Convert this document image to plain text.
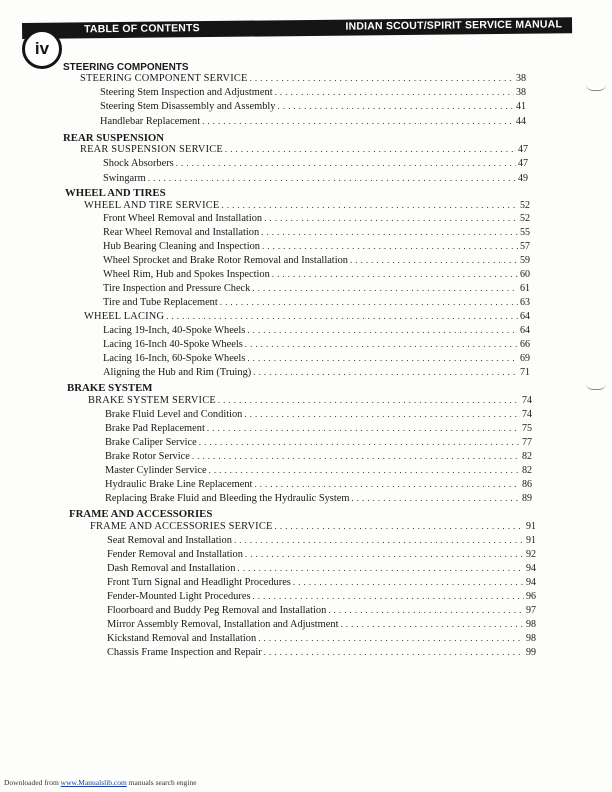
TABLE OF CONTENTS	INDIAN SCOUT/SPIRIT SERVICE MANUAL
iv
STEERING COMPONENTS
STEERING COMPONENT SERVICE . . .	38
Steering Stem Inspection and Adjustment . . .	38
Steering Stem Disassembly and Assembly . . .	41
Handlebar Replacement . . .	44
REAR SUSPENSION
REAR SUSPENSION SERVICE . . .	47
Shock Absorbers . . .	47
Swingarm . . .	49
WHEEL AND TIRES
WHEEL AND TIRE SERVICE . . .	52
Front Wheel Removal and Installation . . .	52
Rear Wheel Removal and Installation . . .	55
Hub Bearing Cleaning and Inspection . . .	57
Wheel Sprocket and Brake Rotor Removal and Installation . . .	59
Wheel Rim, Hub and Spokes Inspection . . .	60
Tire Inspection and Pressure Check . . .	61
Tire and Tube Replacement . . .	63
WHEEL LACING . . .	64
Lacing 19-Inch, 40-Spoke Wheels . . .	64
Lacing 16-Inch 40-Spoke Wheels . . .	66
Lacing 16-Inch, 60-Spoke Wheels . . .	69
Aligning the Hub and Rim (Truing) . . .	71
BRAKE SYSTEM
BRAKE SYSTEM SERVICE . . .	74
Brake Fluid Level and Condition . . .	74
Brake Pad Replacement . . .	75
Brake Caliper Service . . .	77
Brake Rotor Service . . .	82
Master Cylinder Service . . .	82
Hydraulic Brake Line Replacement . . .	86
Replacing Brake Fluid and Bleeding the Hydraulic System . . .	89
FRAME AND ACCESSORIES
FRAME AND ACCESSORIES SERVICE . . .	91
Seat Removal and Installation . . .	91
Fender Removal and Installation . . .	92
Dash Removal and Installation . . .	94
Front Turn Signal and Headlight Procedures . . .	94
Fender-Mounted Light Procedures . . .	96
Floorboard and Buddy Peg Removal and Installation . . .	97
Mirror Assembly Removal, Installation and Adjustment . . .	98
Kickstand Removal and Installation . . .	98
Chassis Frame Inspection and Repair . . .	99
Downloaded from www.Manualslib.com manuals search engine
